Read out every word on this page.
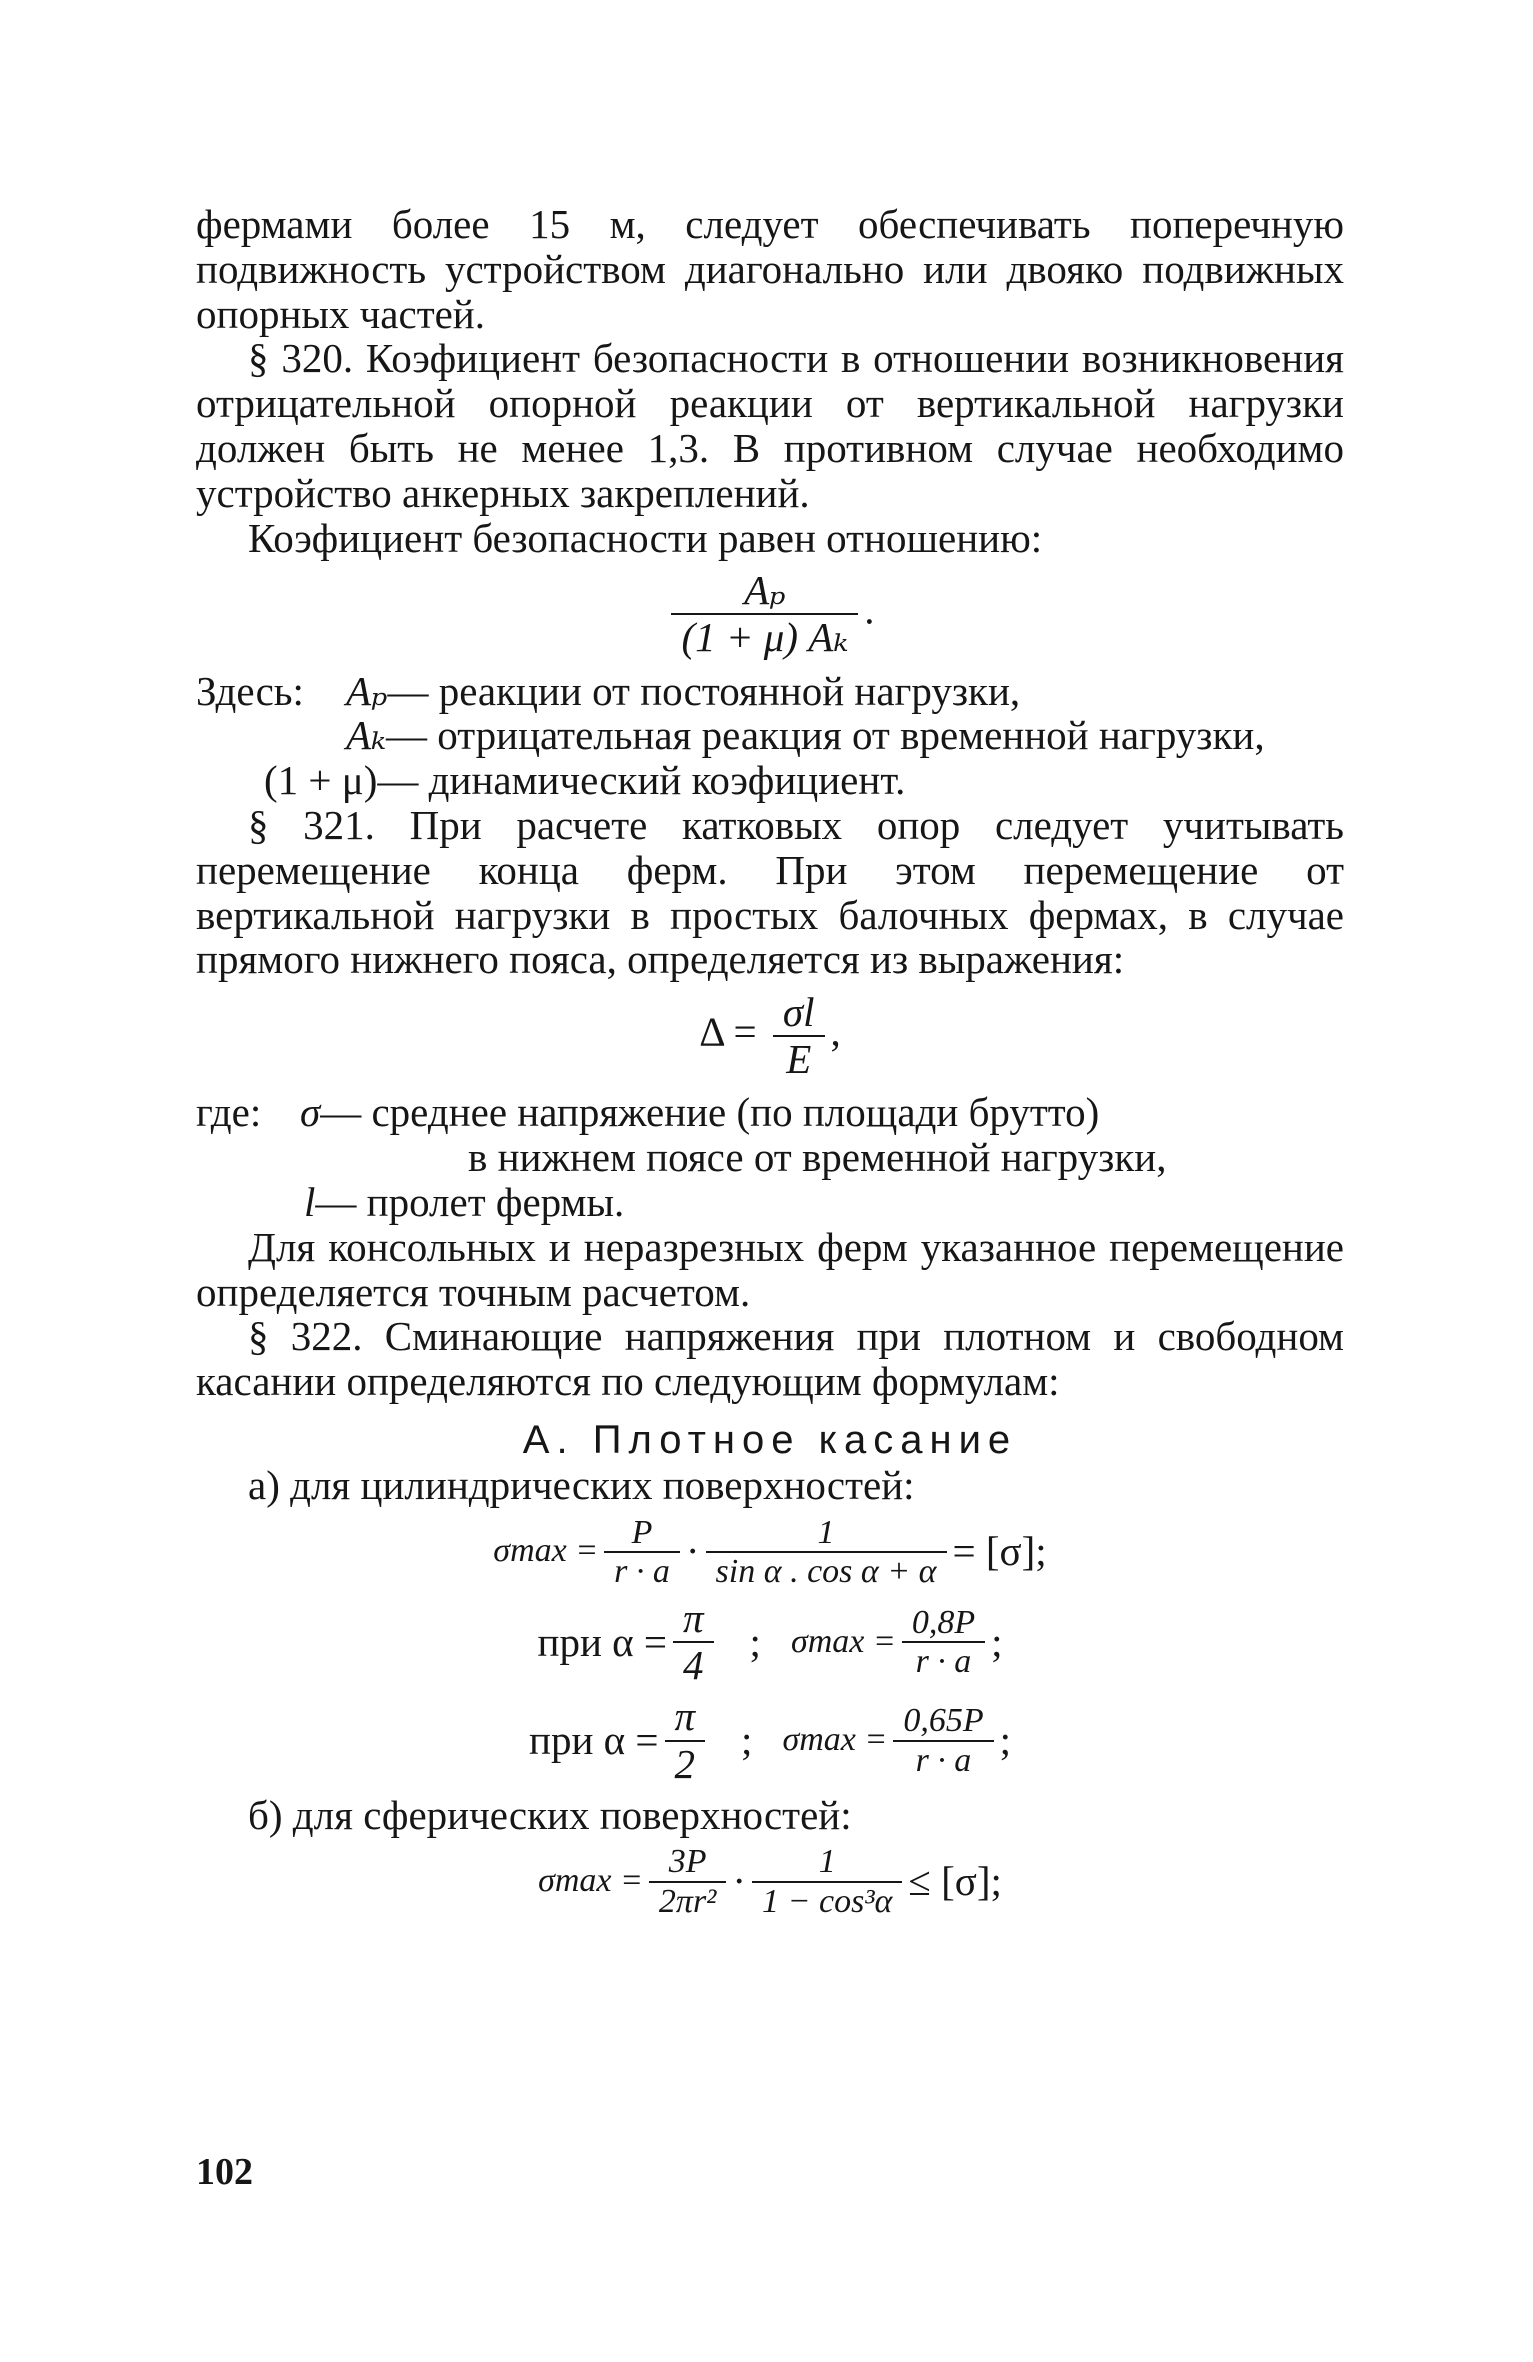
фермами более 15 м, следует обеспечивать поперечную подвижность устройством диагонально или двояко подвижных опорных частей.

§ 320. Коэфициент безопасности в отношении возникновения отрицательной опорной реакции от вертикальной нагрузки должен быть не менее 1,3. В противном случае необходимо устройство анкерных закреплений.

Коэфициент безопасности равен отношению:

$\frac{\text{Aₚ}}{\text{(1 + μ) Aₖ}}$ .
Здесь:	Aₚ — реакции от постоянной нагрузки,
Aₖ — отрицательная реакция от временной нагрузки,
(1 + μ) — динамический коэфициент.

§ 321. При расчете катковых опор следует учитывать перемещение конца ферм. При этом перемещение от вертикальной нагрузки в простых балочных фермах, в случае прямого нижнего пояса, определяется из выражения:

$\Delta = \frac{\sigma l}{E}$ ,
где: σ — среднее напряжение (по площади брутто)
в нижнем поясе от временной нагрузки,
l — пролет фермы.

Для консольных и неразрезных ферм указанное перемещение определяется точным расчетом.

§ 322. Сминающие напряжения при плотном и свободном касании определяются по следующим формулам:

А. Плотное касание
а) для цилиндрических поверхностей:
$\sigma\max = \frac{P}{r \cdot a} \cdot \frac{1}{\text{sin α . cos α + α}} = [\sigma]$;
при $\alpha = \frac{\pi}{4}$ ; $\sigma\max = \frac{0,8P}{r \cdot a}$ ;
при $\alpha = \frac{\pi}{2}$ ; $\sigma\max = \frac{0,65P}{r \cdot a}$ ;
б) для сферических поверхностей:
$\sigma\max = \frac{3P}{\text{2πr²}} \cdot \frac{1}{\text{1 − cos³α}} \le [\sigma]$;
102
